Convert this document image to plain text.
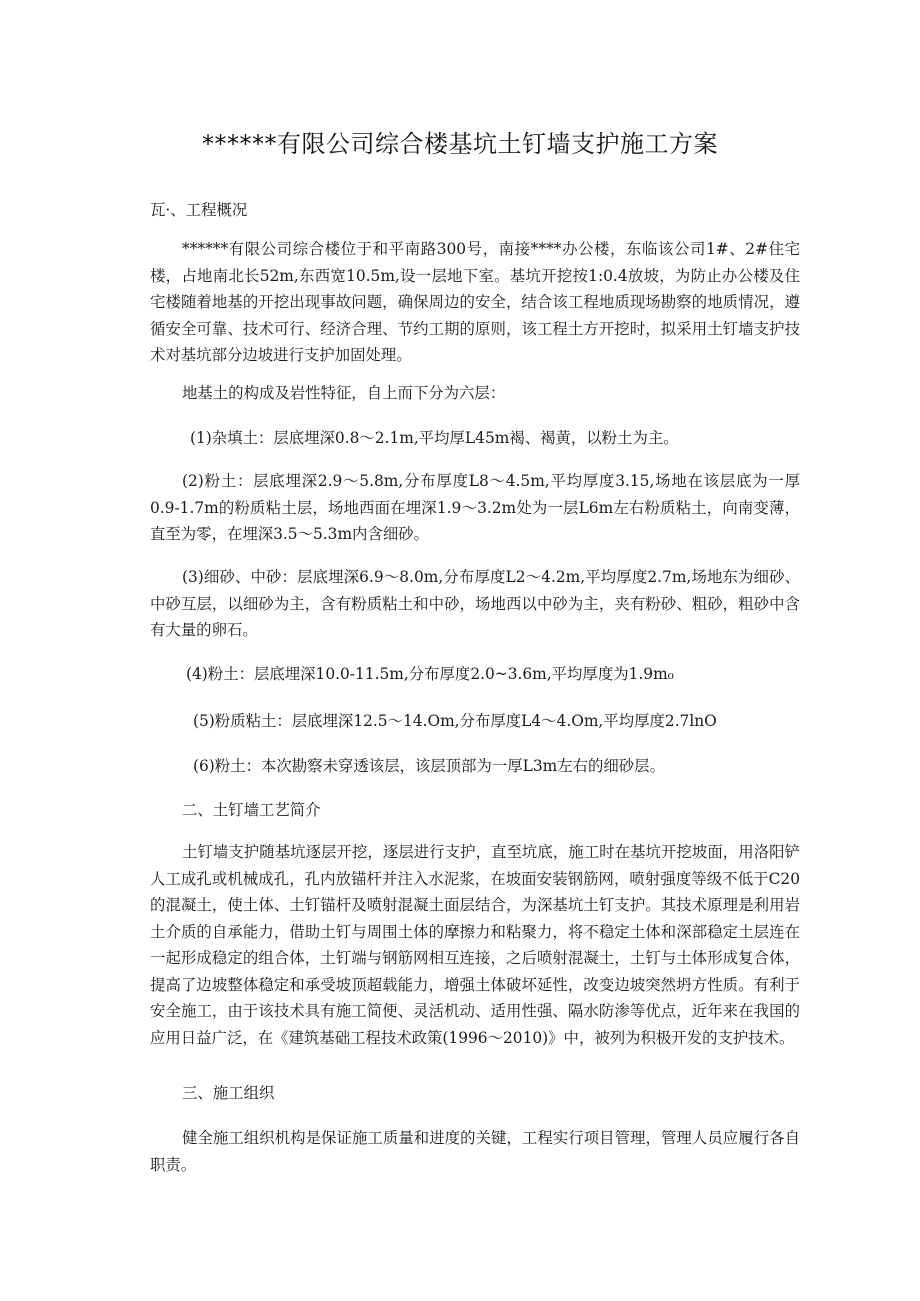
******有限公司综合楼基坑土钉墙支护施工方案

瓦·、工程概况

******有限公司综合楼位于和平南路300号，南接****办公楼，东临该公司1#、2#住宅楼，占地南北长52m,东西宽10.5m,设一层地下室。基坑开挖按1:0.4放坡，为防止办公楼及住宅楼随着地基的开挖出现事故问题，确保周边的安全，结合该工程地质现场勘察的地质情况，遵循安全可靠、技术可行、经济合理、节约工期的原则，该工程土方开挖时，拟采用土钉墙支护技术对基坑部分边坡进行支护加固处理。

地基土的构成及岩性特征，自上而下分为六层：

(1)杂填土：层底埋深0.8～2.1m,平均厚L45m褐、褐黄，以粉土为主。

(2)粉土：层底埋深2.9～5.8m,分布厚度L8～4.5m,平均厚度3.15,场地在该层底为一厚0.9-1.7m的粉质粘土层，场地西面在埋深1.9～3.2m处为一层L6m左右粉质粘土，向南变薄，直至为零，在埋深3.5～5.3m内含细砂。

(3)细砂、中砂：层底埋深6.9～8.0m,分布厚度L2～4.2m,平均厚度2.7m,场地东为细砂、中砂互层，以细砂为主，含有粉质粘土和中砂，场地西以中砂为主，夹有粉砂、粗砂，粗砂中含有大量的卵石。

(4)粉土：层底埋深10.0-11.5m,分布厚度2.0~3.6m,平均厚度为1.9m₀

(5)粉质粘土：层底埋深12.5～14.Om,分布厚度L4～4.Om,平均厚度2.7lnO

(6)粉土：本次勘察未穿透该层，该层顶部为一厚L3m左右的细砂层。

二、土钉墙工艺简介

土钉墙支护随基坑逐层开挖，逐层进行支护，直至坑底，施工时在基坑开挖坡面，用洛阳铲人工成孔或机械成孔，孔内放锚杆并注入水泥浆，在坡面安装钢筋网，喷射强度等级不低于C20的混凝土，使土体、土钉锚杆及喷射混凝土面层结合，为深基坑土钉支护。其技术原理是利用岩土介质的自承能力，借助土钉与周围土体的摩擦力和粘聚力，将不稳定土体和深部稳定土层连在一起形成稳定的组合体，土钉端与钢筋网相互连接，之后喷射混凝土，土钉与土体形成复合体，提高了边坡整体稳定和承受坡顶超载能力，增强土体破坏延性，改变边坡突然坍方性质。有利于安全施工，由于该技术具有施工简便、灵活机动、适用性强、隔水防渗等优点，近年来在我国的应用日益广泛，在《建筑基础工程技术政策(1996～2010)》中，被列为积极开发的支护技术。

三、施工组织

健全施工组织机构是保证施工质量和进度的关键，工程实行项目管理，管理人员应履行各自职责。
